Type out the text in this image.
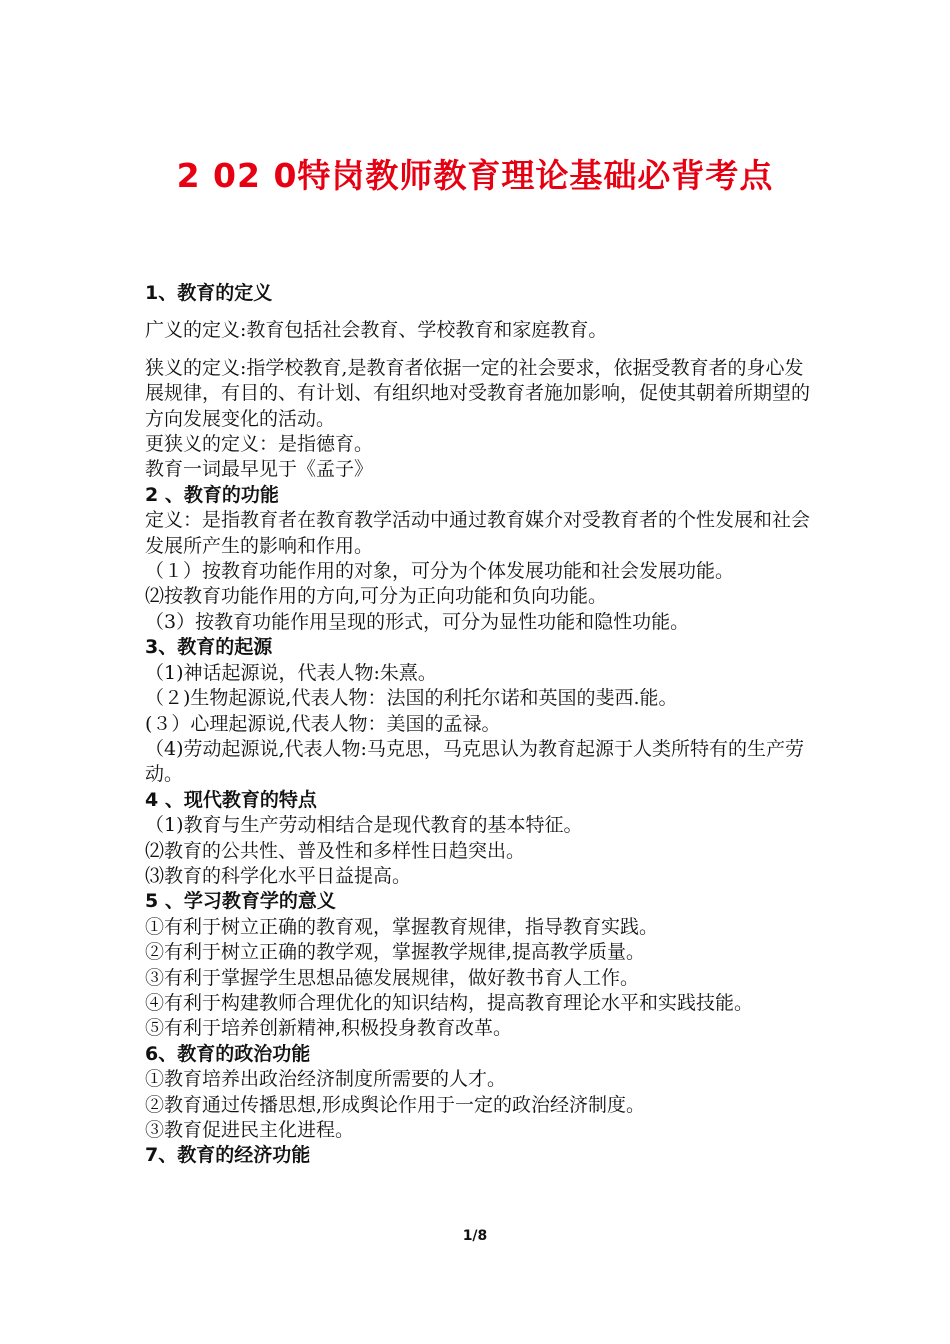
2 02 0特岗教师教育理论基础必背考点

1、教育的定义

广义的定义:教育包括社会教育、学校教育和家庭教育。

狭义的定义:指学校教育,是教育者依据一定的社会要求，依据受教育者的身心发展规律，有目的、有计划、有组织地对受教育者施加影响，促使其朝着所期望的方向发展变化的活动。

更狭义的定义：是指德育。

教育一词最早见于《孟子》

2 、教育的功能

定义：是指教育者在教育教学活动中通过教育媒介对受教育者的个性发展和社会发展所产生的影响和作用。

（１）按教育功能作用的对象，可分为个体发展功能和社会发展功能。

⑵按教育功能作用的方向,可分为正向功能和负向功能。

（3）按教育功能作用呈现的形式，可分为显性功能和隐性功能。

3、教育的起源

（1)神话起源说，代表人物:朱熹。

（２)生物起源说,代表人物：法国的利托尔诺和英国的斐西.能。

(３）心理起源说,代表人物：美国的孟禄。

（4)劳动起源说,代表人物:马克思，马克思认为教育起源于人类所特有的生产劳动。

4 、现代教育的特点

（1)教育与生产劳动相结合是现代教育的基本特征。

⑵教育的公共性、普及性和多样性日趋突出。

⑶教育的科学化水平日益提高。

5 、学习教育学的意义

①有利于树立正确的教育观，掌握教育规律，指导教育实践。

②有利于树立正确的教学观，掌握教学规律,提高教学质量。

③有利于掌握学生思想品德发展规律，做好教书育人工作。

④有利于构建教师合理优化的知识结构，提高教育理论水平和实践技能。

⑤有利于培养创新精神,积极投身教育改革。

6、教育的政治功能

①教育培养出政治经济制度所需要的人才。

②教育通过传播思想,形成舆论作用于一定的政治经济制度。

③教育促进民主化进程。

7、教育的经济功能

1/8
